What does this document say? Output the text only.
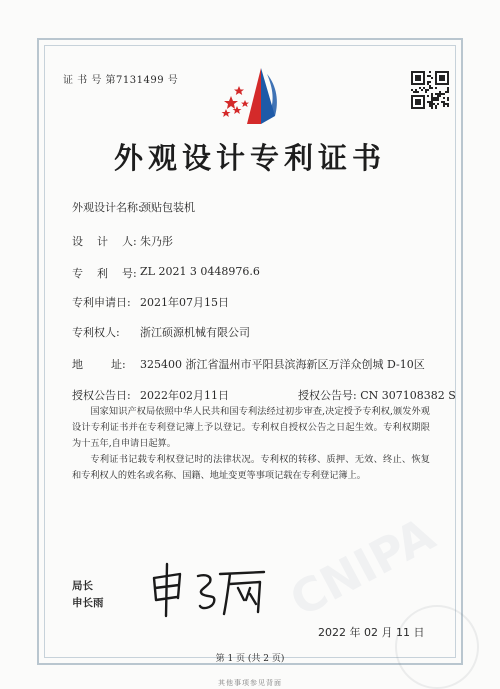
CNIPA
证 书 号 第7131499 号
外观设计专利证书
外观设计名称:
颈贴包装机
设    计    人: 朱乃彤
专    利    号: ZL 2021 3 0448976.6
专利申请日: 2021年07月15日
专利权人: 浙江硕源机械有限公司
地        址: 325400 浙江省温州市平阳县滨海新区万洋众创城 D-10区
授权公告日: 2022年02月11日	授权公告号: CN 307108382 S
国家知识产权局依照中华人民共和国专利法经过初步审查,决定授予专利权,颁发外观设计专利证书并在专利登记簿上予以登记。专利权自授权公告之日起生效。专利权期限为十五年,自申请日起算。
专利证书记载专利权登记时的法律状况。专利权的转移、质押、无效、终止、恢复和专利权人的姓名或名称、国籍、地址变更等事项记载在专利登记簿上。
局长
申长雨
2022 年 02 月 11 日
第 1 页 (共 2 页)
其他事项参见背面
